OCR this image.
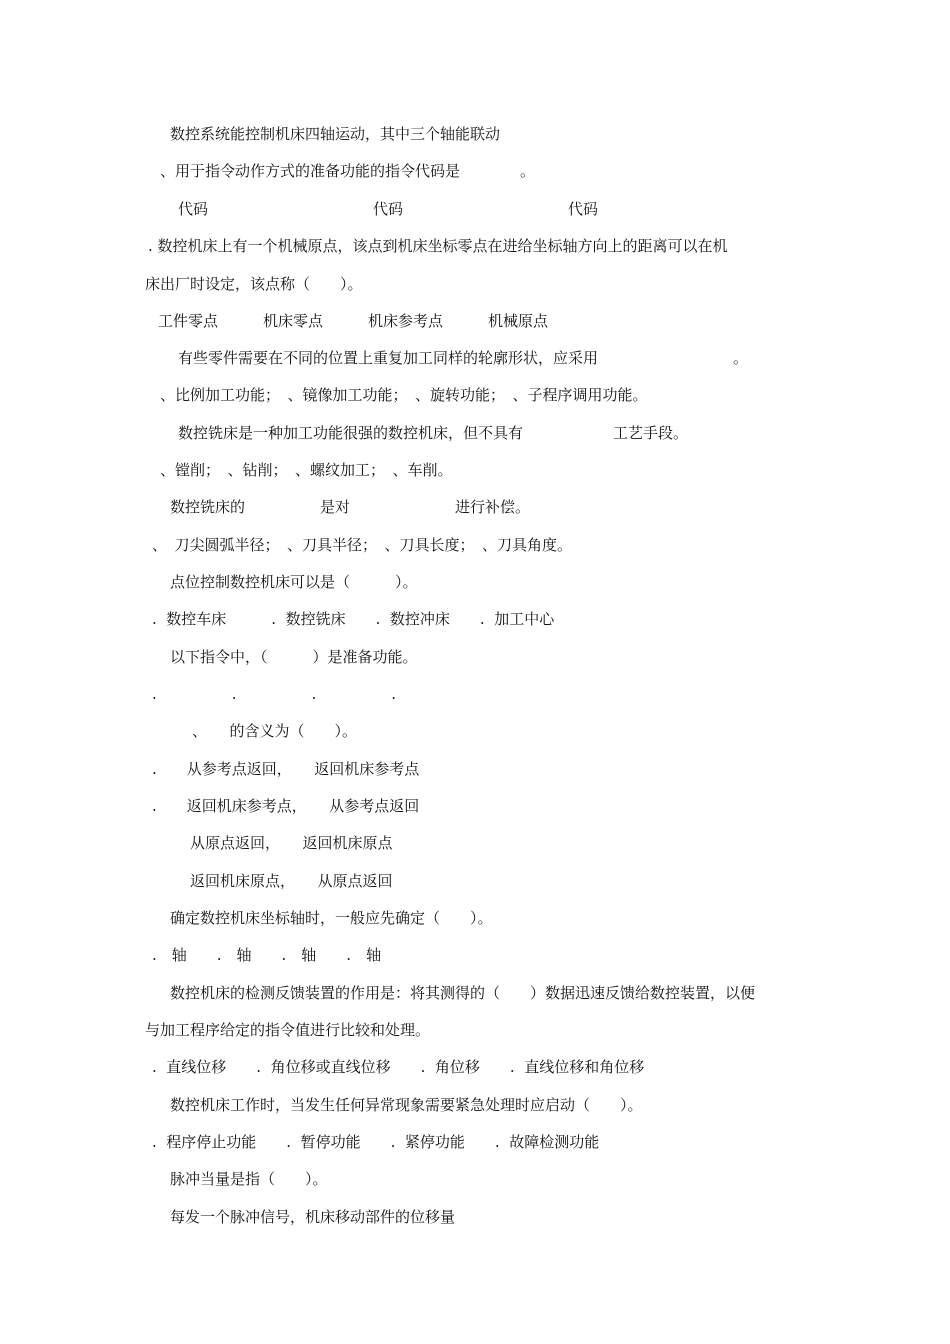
数控系统能控制机床四轴运动，其中三个轴能联动
、用于指令动作方式的准备功能的指令代码是　　　　。
代码　　　　　　　　　　　代码　　　　　　　　　　　代码
. 数控机床上有一个机械原点，该点到机床坐标零点在进给坐标轴方向上的距离可以在机
床出厂时设定，该点称（　　）。
工件零点　　　机床零点　　　机床参考点　　　机械原点
有些零件需要在不同的位置上重复加工同样的轮廓形状，应采用　　　　　　　　　。
、比例加工功能；　、镜像加工功能；　、旋转功能；　、子程序调用功能。
数控铣床是一种加工功能很强的数控机床，但不具有　　　　　　工艺手段。
、镗削；　、钻削；　、螺纹加工；　、车削。
数控铣床的　　　　　是对　　　　　　　进行补偿。
、　刀尖圆弧半径；　、刀具半径；　、刀具长度；　、刀具角度。
点位控制数控机床可以是（　　　）。
.  数控车床　　　.  数控铣床　　.  数控冲床　　.  加工中心
以下指令中，（　　　）是准备功能。
.　　　　　.　　　　　.　　　　　.
、　　的含义为（　　）。
.　　从参考点返回，　　返回机床参考点
.　　返回机床参考点，　　从参考点返回
从原点返回，　　返回机床原点
返回机床原点，　　从原点返回
确定数控机床坐标轴时，一般应先确定（　　）。
.　轴　　.　轴　　.　轴　　.　轴
数控机床的检测反馈装置的作用是：将其测得的（　　）数据迅速反馈给数控装置，以便
与加工程序给定的指令值进行比较和处理。
.  直线位移　　.  角位移或直线位移　　.  角位移　　.  直线位移和角位移
数控机床工作时，当发生任何异常现象需要紧急处理时应启动（　　）。
.  程序停止功能　　.  暂停功能　　.  紧停功能　　.  故障检测功能
脉冲当量是指（　　）。
每发一个脉冲信号，机床移动部件的位移量
